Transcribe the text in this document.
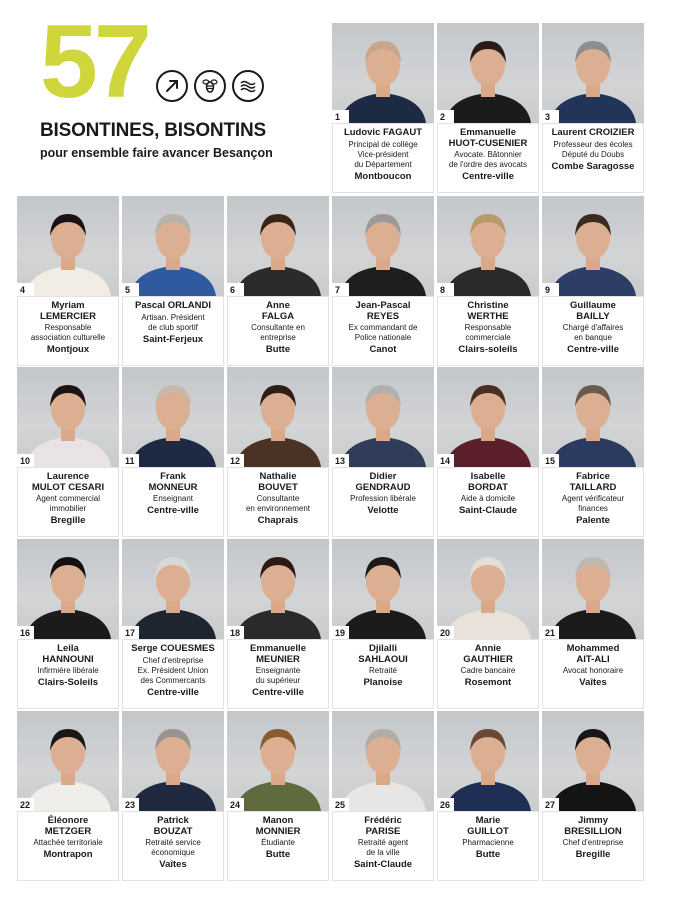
57
BISONTINES, BISONTINS
pour ensemble faire avancer Besançon
1
Ludovic FAGAUT
Principal de collège
Vice-président
du Département
Montboucon
2
Emmanuelle
HUOT-CUSENIER
Avocate. Bâtonnier
de l'ordre des avocats
Centre-ville
3
Laurent CROIZIER
Professeur des écoles
Député du Doubs
Combe Saragosse
4
Myriam
LEMERCIER
Responsable
association culturelle
Montjoux
5
Pascal ORLANDI
Artisan. Président
de club sportif
Saint-Ferjeux
6
Anne
FALGA
Consultante en
entreprise
Butte
7
Jean-Pascal
REYES
Ex commandant de
Police nationale
Canot
8
Christine
WERTHE
Responsable
commerciale
Clairs-soleils
9
Guillaume
BAILLY
Chargé d'affaires
en banque
Centre-ville
10
Laurence
MULOT CESARI
Agent commercial
immobilier
Bregille
11
Frank
MONNEUR
Enseignant
Centre-ville
12
Nathalie
BOUVET
Consultante
en environnement
Chaprais
13
Didier
GENDRAUD
Profession libérale
Velotte
14
Isabelle
BORDAT
Aide à domicile
Saint-Claude
15
Fabrice
TAILLARD
Agent vérificateur
finances
Palente
16
Leila
HANNOUNI
Infirmière libérale
Clairs-Soleils
17
Serge COUESMES
Chef d'entreprise
Ex. Président Union
des Commercants
Centre-ville
18
Emmanuelle
MEUNIER
Enseignante
du supérieur
Centre-ville
19
Djilalli
SAHLAOUI
Retraité
Planoise
20
Annie
GAUTHIER
Cadre bancaire
Rosemont
21
Mohammed
AIT-ALI
Avocat honoraire
Vaîtes
22
Éléonore
METZGER
Attachée territoriale
Montrapon
23
Patrick
BOUZAT
Retraité service
économique
Vaîtes
24
Manon
MONNIER
Étudiante
Butte
25
Frédéric
PARISE
Retraité agent
de la ville
Saint-Claude
26
Marie
GUILLOT
Pharmacienne
Butte
27
Jimmy
BRESILLION
Chef d'entreprise
Bregille
